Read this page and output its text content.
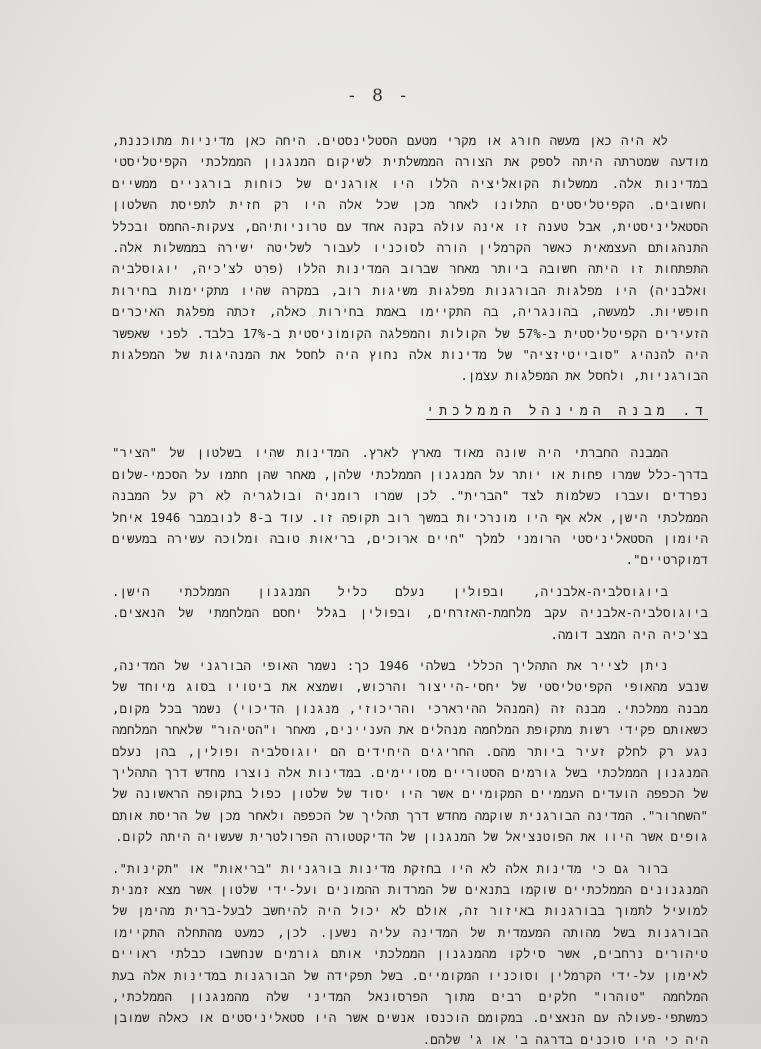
- 8 -

לא היה כאן מעשה חורג או מקרי מטעם הסטלינסטים. היחה כאן מדיניות מתוכננת, מודעה שמטרתה היתה לספק את הצורה הממשלתית לשיקום המנגנון הממלכתי הקפיטליסטי במדינות אלה. ממשלות הקואליציה הללו היו אורגנים של כוחות בורגניים ממשיים וחשובים. הקפיטליסטים התלונו לאחר מכן שכל אלה היו רק חזית לתפיסת השלטון הסטאליניסטית, אבל טענה זו אינה עולה בקנה אחד עם טרוניותיהם, צעקות-החמס ובכלל התנהגותם העצמאית כאשר הקרמלין הורה לסוכניו לעבור לשליטה ישירה בממשלות אלה. התפתחות זו היתה חשובה ביותר מאחר שברוב המדינות הללו (פרט לצ'כיה, יוגוסלביה ואלבניה) היו מפלגות הבורגנות מפלגות משיגות רוב, במקרה שהיו מתקיימות בחירות חופשיות. למעשה, בהונגריה, בה התקיימו באמת בחירות כאלה, זכתה מפלגת האיכרים הזעירים הקפיטליסטית ב-57% של הקולות והמפלגה הקומוניסטית ב-17% בלבד. לפני שאפשר היה להנהיג "סובייטיזציה" של מדינות אלה נחוץ היה לחסל את המנהיגות של המפלגות הבורגניות, ולחסל את המפלגות עצמן.

ד. מבנה המינהל הממלכתי

המבנה החברתי היה שונה מאוד מארץ לארץ. המדינות שהיו בשלטון של "הציר" בדרך-כלל שמרו פחות או יותר על המנגנון הממלכתי שלהן, מאחר שהן חתמו על הסכמי-שלום נפרדים ועברו כשלמות לצד "הברית". לכן שמרו רומניה ובולגריה לא רק על המבנה הממלכתי הישן, אלא אף היו מונרכיות במשך רוב תקופה זו. עוד ב-8 לנובמבר 1946 איחל היומון הסטאליניסטי הרומני למלך "חיים ארוכים, בריאות טובה ומלוכה עשירה במעשים דמוקרטיים".

ביוגוסלביה-אלבניה, ובפולין נעלם כליל המנגנון הממלכתי הישן. ביוגוסלביה-אלבניה עקב מלחמת-האזרחים, ובפולין בגלל יחסם המלחמתי של הנאצים. בצ'כיה היה המצב דומה.

ניתן לצייר את התהליך הכללי בשלהי 1946 כך: נשמר האופי הבורגני של המדינה, שנבע מהאופי הקפיטליסטי של יחסי-הייצור והרכוש, ושמצא את ביטויו בסוג מיוחד של מבנה ממלכתי. מבנה זה (המנהל ההירארכי והריכוזי, מנגנון הדיכוי) נשמר בכל מקום, כשאותם פקידי רשות מתקופת המלחמה מנהלים את העניינים, מאחר ו"הטיהור" שלאחר המלחמה נגע רק לחלק זעיר ביותר מהם. החריגים היחידים הם יוגוסלביה ופולין, בהן נעלם המנגנון הממלכתי בשל גורמים הסטוריים מסויימים. במדינות אלה נוצרו מחדש דרך התהליך של הכפפה הועדים העממיים המקומיים אשר היו יסוד של שלטון כפול בתקופה הראשונה של "השחרור". המדינה הבורגנית שוקמה מחדש דרך תהליך של הכפפה ולאחר מכן של הריסת אותם גופים אשר היוו את הפוטנציאל של המנגנון של הדיקטטורה הפרולטרית שעשויה היתה לקום.

ברור גם כי מדינות אלה לא היו בחזקת מדינות בורגניות "בריאות" או "תקינות". המנגנונים הממלכתיים שוקמו בתנאים של המרדות ההמונים ועל-ידי שלטון אשר מצא זמנית למועיל לתמוך בבורגנות באיזור זה, אולם לא יכול היה להיחשב לבעל-ברית מהימן של הבורגנות בשל מהותה המעמדית של המדינה עליה נשען. לכן, כמעט מהתחלה התקיימו טיהורים נרחבים, אשר סילקו מהמנגנון הממלכתי אותם גורמים שנחשבו כבלתי ראויים לאימון על-ידי הקרמלין וסוכניו המקומיים. בשל תפקידה של הבורגנות במדינות אלה בעת המלחמה "טוהרו" חלקים רבים מתוך הפרסונאל המדיני שלה מהמנגנון הממלכתי, כמשתפי-פעולה עם הנאצים. במקומם הוכנסו אנשים אשר היו סטאליניסטים או כאלה שמובן היה כי היו סוכנים בדרגה ב' או ג' שלהם.
